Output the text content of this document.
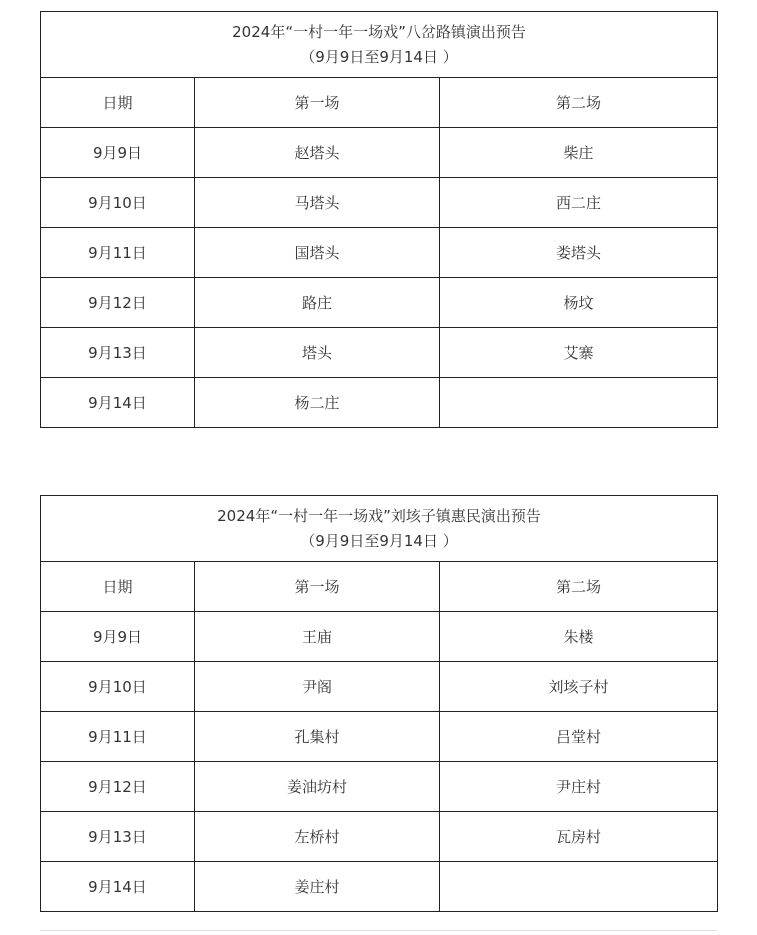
2024年“一村一年一场戏”八岔路镇演出预告
（9月9日至9月14日 ）		

日期	第一场	第二场
9月9日	赵塔头	柴庄
9月10日	马塔头	西二庄
9月11日	国塔头	娄塔头
9月12日	路庄	杨坟
9月13日	塔头	艾寨
9月14日	杨二庄	
2024年“一村一年一场戏”刘垓子镇惠民演出预告
（9月9日至9月14日 ）		

日期	第一场	第二场
9月9日	王庙	朱楼
9月10日	尹阁	刘垓子村
9月11日	孔集村	吕堂村
9月12日	姜油坊村	尹庄村
9月13日	左桥村	瓦房村
9月14日	姜庄村	
